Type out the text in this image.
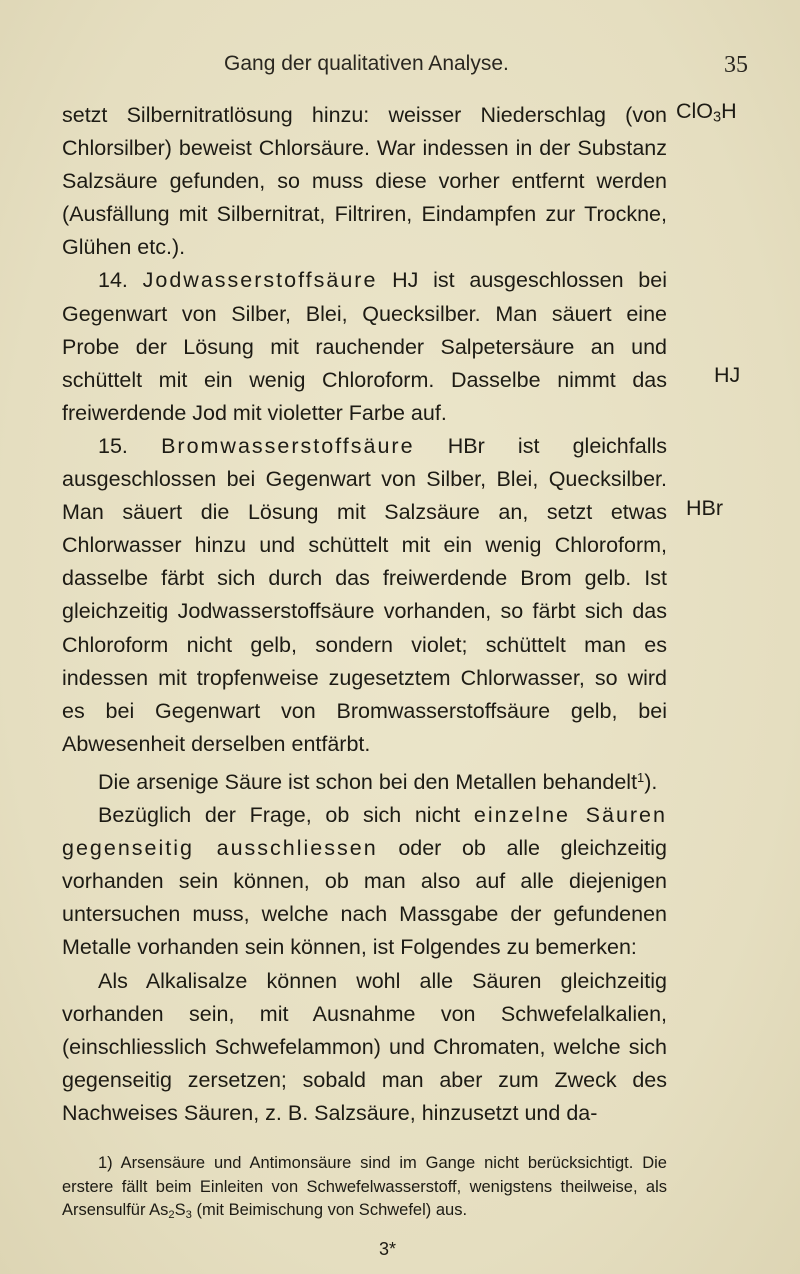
Gang der qualitativen Analyse.	35
ClO$_3$H
HJ
HBr

setzt Silbernitratlösung hinzu: weisser Niederschlag (von Chlorsilber) beweist Chlorsäure. War indessen in der Substanz Salzsäure gefunden, so muss diese vorher entfernt werden (Ausfällung mit Silbernitrat, Filtriren, Eindampfen zur Trockne, Glühen etc.).

14. Jodwasserstoffsäure HJ ist ausgeschlossen bei Gegenwart von Silber, Blei, Quecksilber. Man säuert eine Probe der Lösung mit rauchender Salpetersäure an und schüttelt mit ein wenig Chloroform. Dasselbe nimmt das freiwerdende Jod mit violetter Farbe auf.

15. Bromwasserstoffsäure HBr ist gleichfalls ausgeschlossen bei Gegenwart von Silber, Blei, Quecksilber. Man säuert die Lösung mit Salzsäure an, setzt etwas Chlorwasser hinzu und schüttelt mit ein wenig Chloroform, dasselbe färbt sich durch das freiwerdende Brom gelb. Ist gleichzeitig Jodwasserstoffsäure vorhanden, so färbt sich das Chloroform nicht gelb, sondern violet; schüttelt man es indessen mit tropfenweise zugesetztem Chlorwasser, so wird es bei Gegenwart von Bromwasserstoffsäure gelb, bei Abwesenheit derselben entfärbt.

Die arsenige Säure ist schon bei den Metallen behandelt$^1$).

Bezüglich der Frage, ob sich nicht einzelne Säuren gegenseitig ausschliessen oder ob alle gleichzeitig vorhanden sein können, ob man also auf alle diejenigen untersuchen muss, welche nach Massgabe der gefundenen Metalle vorhanden sein können, ist Folgendes zu bemerken:

Als Alkalisalze können wohl alle Säuren gleichzeitig vorhanden sein, mit Ausnahme von Schwefelalkalien, (einschliesslich Schwefelammon) und Chromaten, welche sich gegenseitig zersetzen; sobald man aber zum Zweck des Nachweises Säuren, z. B. Salzsäure, hinzusetzt und da-

1) Arsensäure und Antimonsäure sind im Gange nicht berücksichtigt. Die erstere fällt beim Einleiten von Schwefelwasserstoff, wenigstens theilweise, als Arsensulfür $As_2S_3$ (mit Beimischung von Schwefel) aus.

3*
